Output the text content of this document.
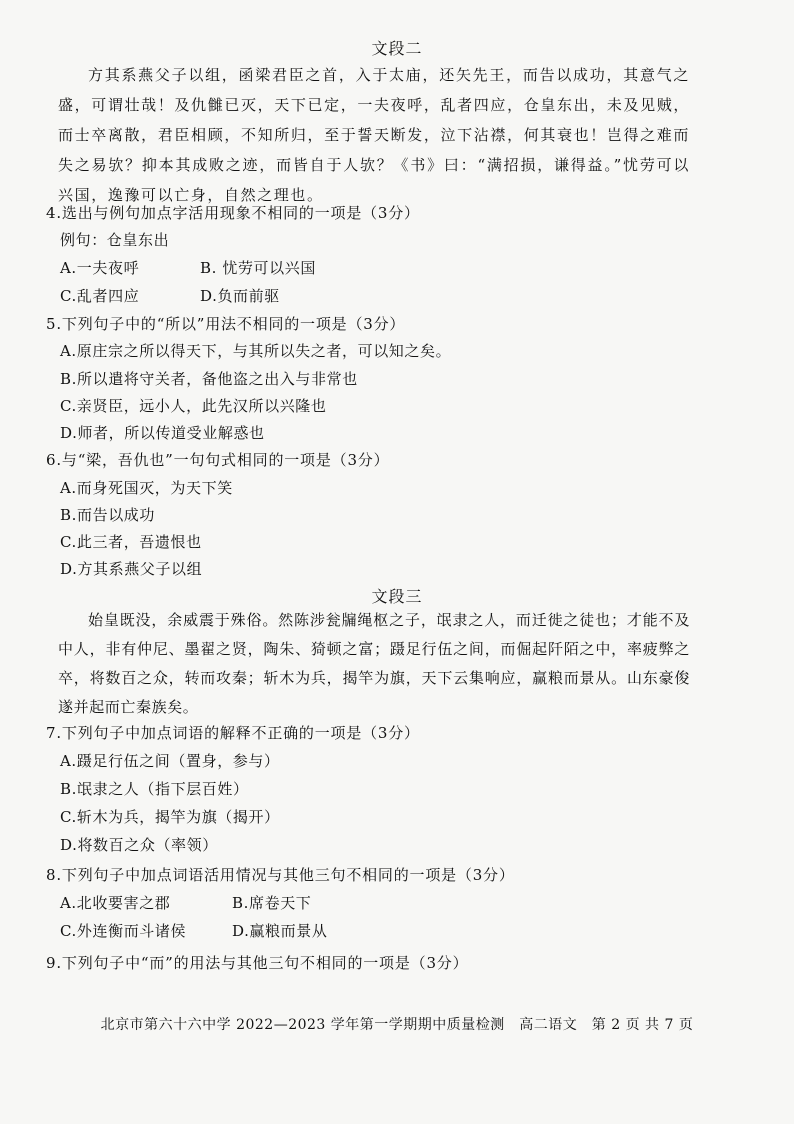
文段二
方其系燕父子以组，函梁君臣之首，入于太庙，还矢先王，而告以成功，其意气之盛，可谓壮哉！及仇雠已灭，天下已定，一夫夜呼，乱者四应，仓皇东出，未及见贼，而士卒离散，君臣相顾，不知所归，至于誓天断发，泣下沾襟，何其衰也！岂得之难而失之易欤？抑本其成败之迹，而皆自于人欤？《书》曰：“满招损，谦得益。”忧劳可以兴国，逸豫可以亡身，自然之理也。
4.选出与例句加点字活用现象不相同的一项是（3分）
例句：仓皇东出
A.一夫夜呼	B. 忧劳可以兴国
C.乱者四应	D.负而前驱
5.下列句子中的“所以”用法不相同的一项是（3分）
A.原庄宗之所以得天下，与其所以失之者，可以知之矣。
B.所以遣将守关者，备他盗之出入与非常也
C.亲贤臣，远小人，此先汉所以兴隆也
D.师者，所以传道受业解惑也
6.与“梁，吾仇也”一句句式相同的一项是（3分）
A.而身死国灭，为天下笑
B.而告以成功
C.此三者，吾遗恨也
D.方其系燕父子以组
文段三
始皇既没，余威震于殊俗。然陈涉瓮牖绳枢之子，氓隶之人，而迁徙之徒也；才能不及中人，非有仲尼、墨翟之贤，陶朱、猗顿之富；蹑足行伍之间，而倔起阡陌之中，率疲弊之卒，将数百之众，转而攻秦；斩木为兵，揭竿为旗，天下云集响应，赢粮而景从。山东豪俊遂并起而亡秦族矣。
7.下列句子中加点词语的解释不正确的一项是（3分）
A.蹑足行伍之间（置身，参与）
B.氓隶之人（指下层百姓）
C.斩木为兵，揭竿为旗（揭开）
D.将数百之众（率领）
8.下列句子中加点词语活用情况与其他三句不相同的一项是（3分）
A.北收要害之郡	B.席卷天下
C.外连衡而斗诸侯	D.赢粮而景从
9.下列句子中“而”的用法与其他三句不相同的一项是（3分）
北京市第六十六中学 2022—2023 学年第一学期期中质量检测　高二语文　第 2 页 共 7 页
